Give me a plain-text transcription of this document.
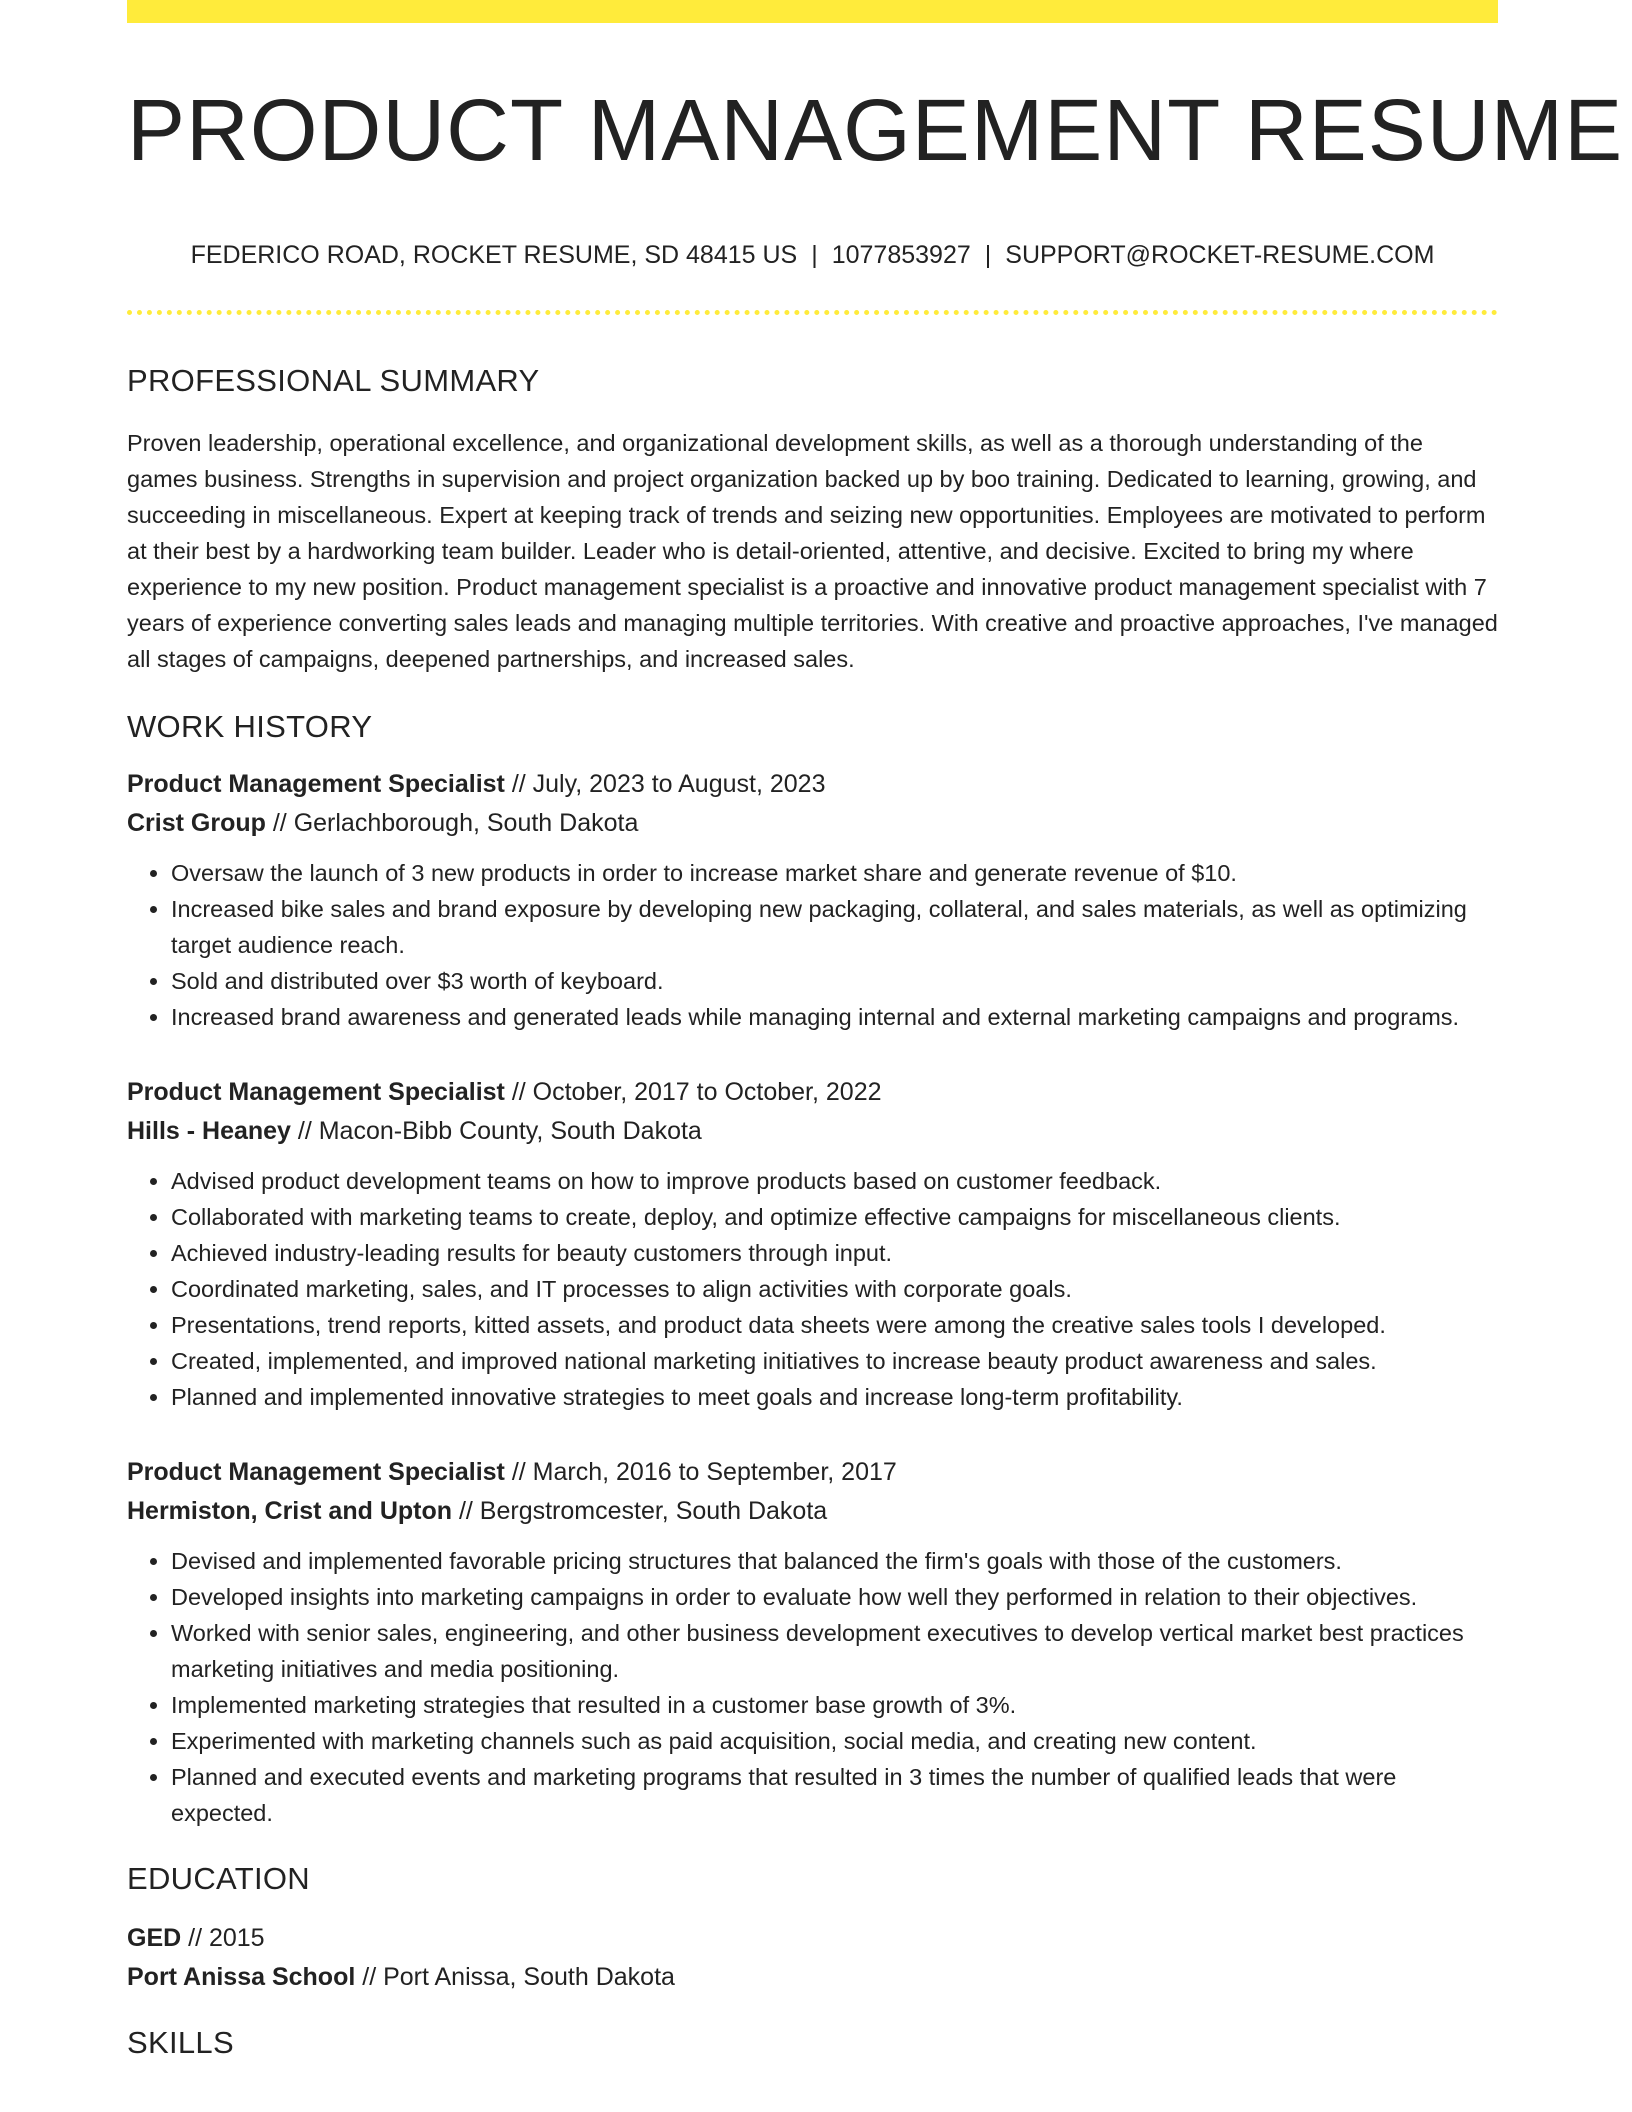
PRODUCT MANAGEMENT RESUME
FEDERICO ROAD, ROCKET RESUME, SD 48415 US | 1077853927 | SUPPORT@ROCKET-RESUME.COM
PROFESSIONAL SUMMARY
Proven leadership, operational excellence, and organizational development skills, as well as a thorough understanding of the games business. Strengths in supervision and project organization backed up by boo training. Dedicated to learning, growing, and succeeding in miscellaneous. Expert at keeping track of trends and seizing new opportunities. Employees are motivated to perform at their best by a hardworking team builder. Leader who is detail-oriented, attentive, and decisive. Excited to bring my where experience to my new position. Product management specialist is a proactive and innovative product management specialist with 7 years of experience converting sales leads and managing multiple territories. With creative and proactive approaches, I've managed all stages of campaigns, deepened partnerships, and increased sales.
WORK HISTORY
Product Management Specialist // July, 2023 to August, 2023
Crist Group // Gerlachborough, South Dakota
• Oversaw the launch of 3 new products in order to increase market share and generate revenue of $10.
• Increased bike sales and brand exposure by developing new packaging, collateral, and sales materials, as well as optimizing target audience reach.
• Sold and distributed over $3 worth of keyboard.
• Increased brand awareness and generated leads while managing internal and external marketing campaigns and programs.
Product Management Specialist // October, 2017 to October, 2022
Hills - Heaney // Macon-Bibb County, South Dakota
• Advised product development teams on how to improve products based on customer feedback.
• Collaborated with marketing teams to create, deploy, and optimize effective campaigns for miscellaneous clients.
• Achieved industry-leading results for beauty customers through input.
• Coordinated marketing, sales, and IT processes to align activities with corporate goals.
• Presentations, trend reports, kitted assets, and product data sheets were among the creative sales tools I developed.
• Created, implemented, and improved national marketing initiatives to increase beauty product awareness and sales.
• Planned and implemented innovative strategies to meet goals and increase long-term profitability.
Product Management Specialist // March, 2016 to September, 2017
Hermiston, Crist and Upton // Bergstromcester, South Dakota
• Devised and implemented favorable pricing structures that balanced the firm's goals with those of the customers.
• Developed insights into marketing campaigns in order to evaluate how well they performed in relation to their objectives.
• Worked with senior sales, engineering, and other business development executives to develop vertical market best practices marketing initiatives and media positioning.
• Implemented marketing strategies that resulted in a customer base growth of 3%.
• Experimented with marketing channels such as paid acquisition, social media, and creating new content.
• Planned and executed events and marketing programs that resulted in 3 times the number of qualified leads that were expected.
EDUCATION
GED // 2015
Port Anissa School // Port Anissa, South Dakota
SKILLS
